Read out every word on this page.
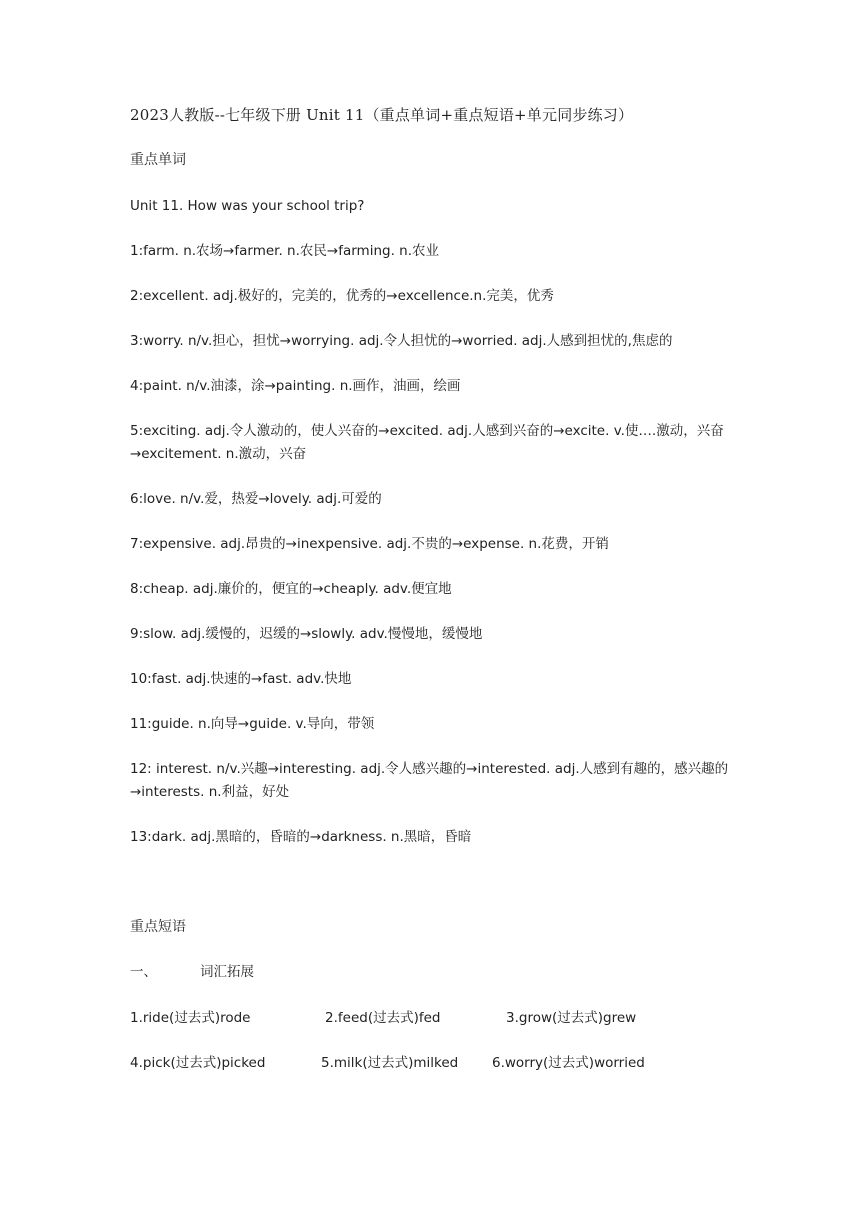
2023人教版--七年级下册 Unit 11（重点单词+重点短语+单元同步练习）
重点单词
Unit 11. How was your school trip?
1:farm. n.农场→farmer. n.农民→farming. n.农业
2:excellent. adj.极好的，完美的，优秀的→excellence.n.完美，优秀
3:worry. n/v.担心，担忧→worrying. adj.令人担忧的→worried. adj.人感到担忧的,焦虑的
4:paint. n/v.油漆，涂→painting. n.画作，油画，绘画
5:exciting. adj.令人激动的，使人兴奋的→excited. adj.人感到兴奋的→excite. v.使….激动，兴奋
→excitement. n.激动，兴奋
6:love. n/v.爱，热爱→lovely. adj.可爱的
7:expensive. adj.昂贵的→inexpensive. adj.不贵的→expense. n.花费，开销
8:cheap. adj.廉价的，便宜的→cheaply. adv.便宜地
9:slow. adj.缓慢的，迟缓的→slowly. adv.慢慢地，缓慢地
10:fast. adj.快速的→fast. adv.快地
11:guide. n.向导→guide. v.导向，带领
12: interest. n/v.兴趣→interesting. adj.令人感兴趣的→interested. adj.人感到有趣的，感兴趣的
→interests. n.利益，好处
13:dark. adj.黑暗的，昏暗的→darkness. n.黑暗，昏暗
重点短语
一、	词汇拓展
1.ride(过去式)rode	2.feed(过去式)fed	3.grow(过去式)grew
4.pick(过去式)picked	5.milk(过去式)milked	6.worry(过去式)worried
